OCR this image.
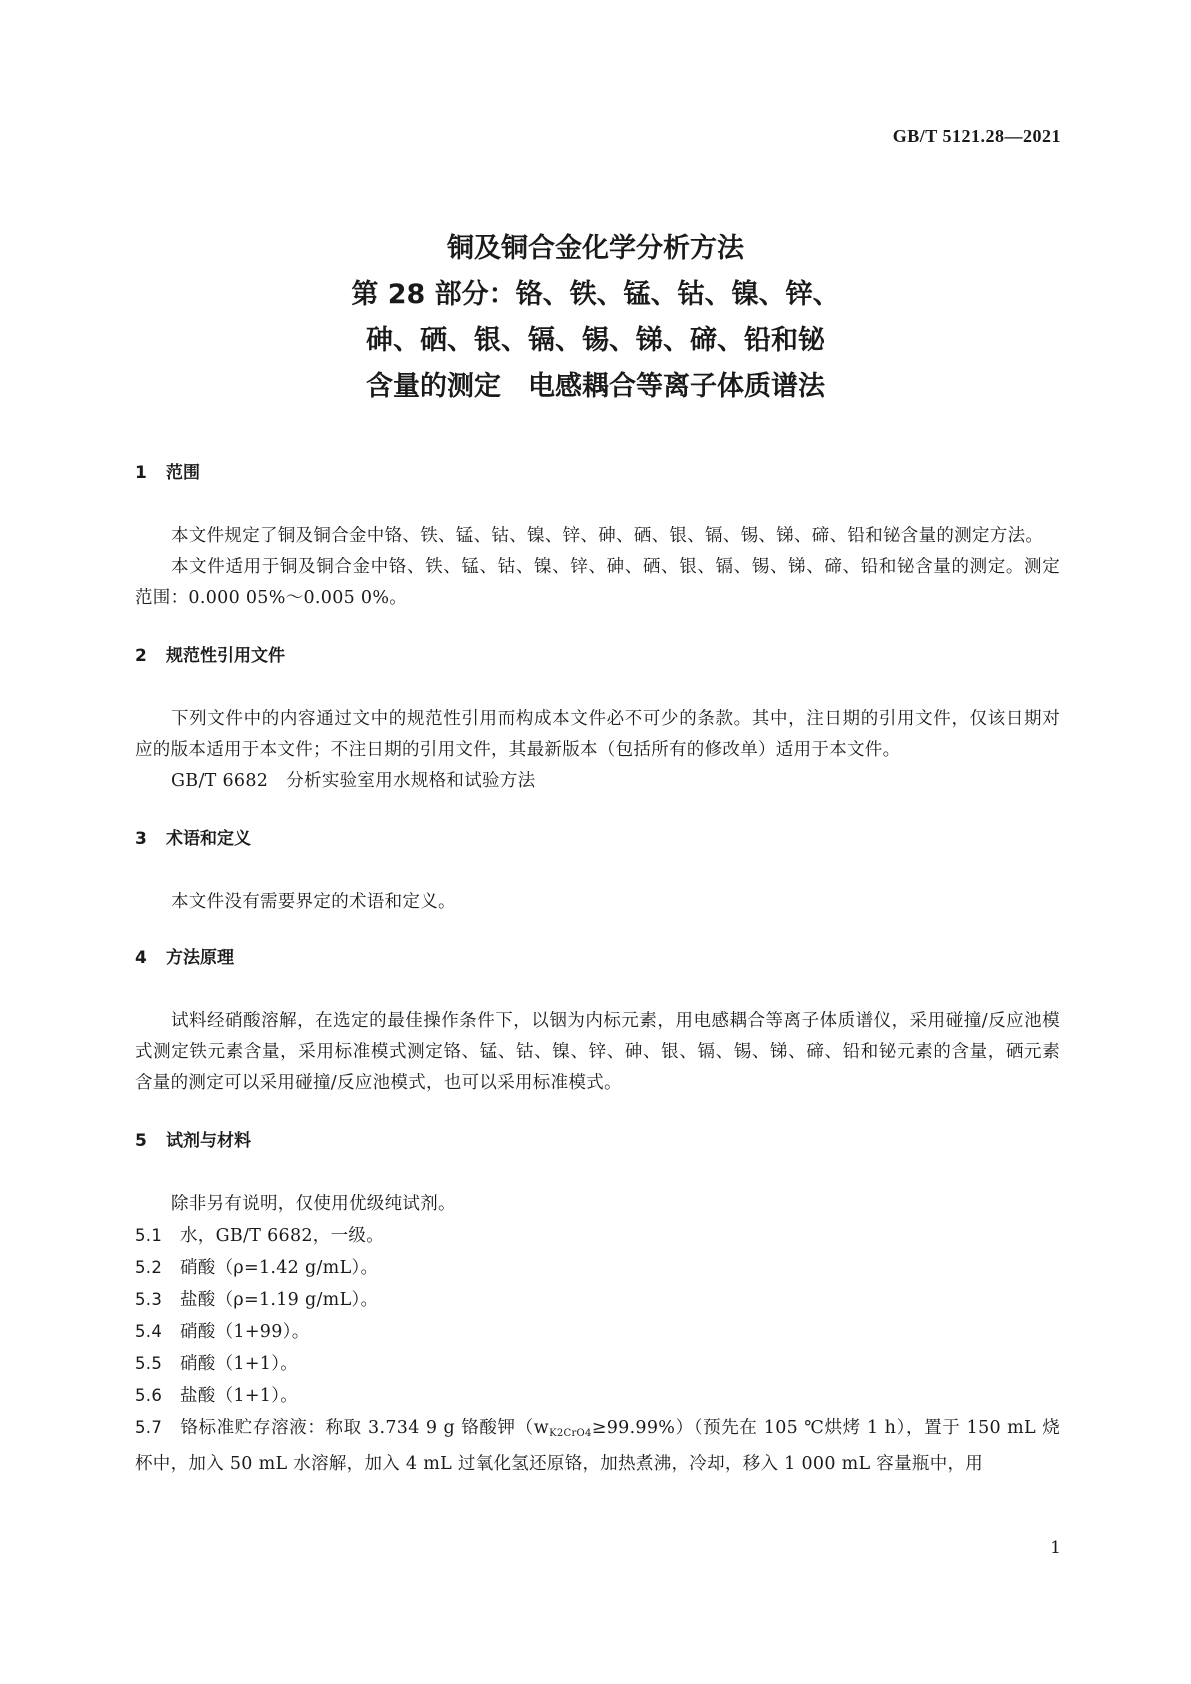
GB/T 5121.28—2021
铜及铜合金化学分析方法
第 28 部分：铬、铁、锰、钴、镍、锌、
砷、硒、银、镉、锡、锑、碲、铅和铋
含量的测定　电感耦合等离子体质谱法
1 范围

本文件规定了铜及铜合金中铬、铁、锰、钴、镍、锌、砷、硒、银、镉、锡、锑、碲、铅和铋含量的测定方法。

本文件适用于铜及铜合金中铬、铁、锰、钴、镍、锌、砷、硒、银、镉、锡、锑、碲、铅和铋含量的测定。测定范围：0.000 05%～0.005 0%。

2 规范性引用文件

下列文件中的内容通过文中的规范性引用而构成本文件必不可少的条款。其中，注日期的引用文件，仅该日期对应的版本适用于本文件；不注日期的引用文件，其最新版本（包括所有的修改单）适用于本文件。

GB/T 6682 分析实验室用水规格和试验方法

3 术语和定义

本文件没有需要界定的术语和定义。

4 方法原理

试料经硝酸溶解，在选定的最佳操作条件下，以铟为内标元素，用电感耦合等离子体质谱仪，采用碰撞/反应池模式测定铁元素含量，采用标准模式测定铬、锰、钴、镍、锌、砷、银、镉、锡、锑、碲、铅和铋元素的含量，硒元素含量的测定可以采用碰撞/反应池模式，也可以采用标准模式。

5 试剂与材料

除非另有说明，仅使用优级纯试剂。

5.1 水，GB/T 6682，一级。

5.2 硝酸（ρ=1.42 g/mL）。

5.3 盐酸（ρ=1.19 g/mL）。

5.4 硝酸（1+99）。

5.5 硝酸（1+1）。

5.6 盐酸（1+1）。

5.7 铬标准贮存溶液：称取 3.734 9 g 铬酸钾$(w_{K2CrO4}\ge 99.99\%)$（预先在 105 ℃烘烤 1 h），置于 150 mL 烧杯中，加入 50 mL 水溶解，加入 4 mL 过氧化氢还原铬，加热煮沸，冷却，移入 1 000 mL 容量瓶中，用

1
